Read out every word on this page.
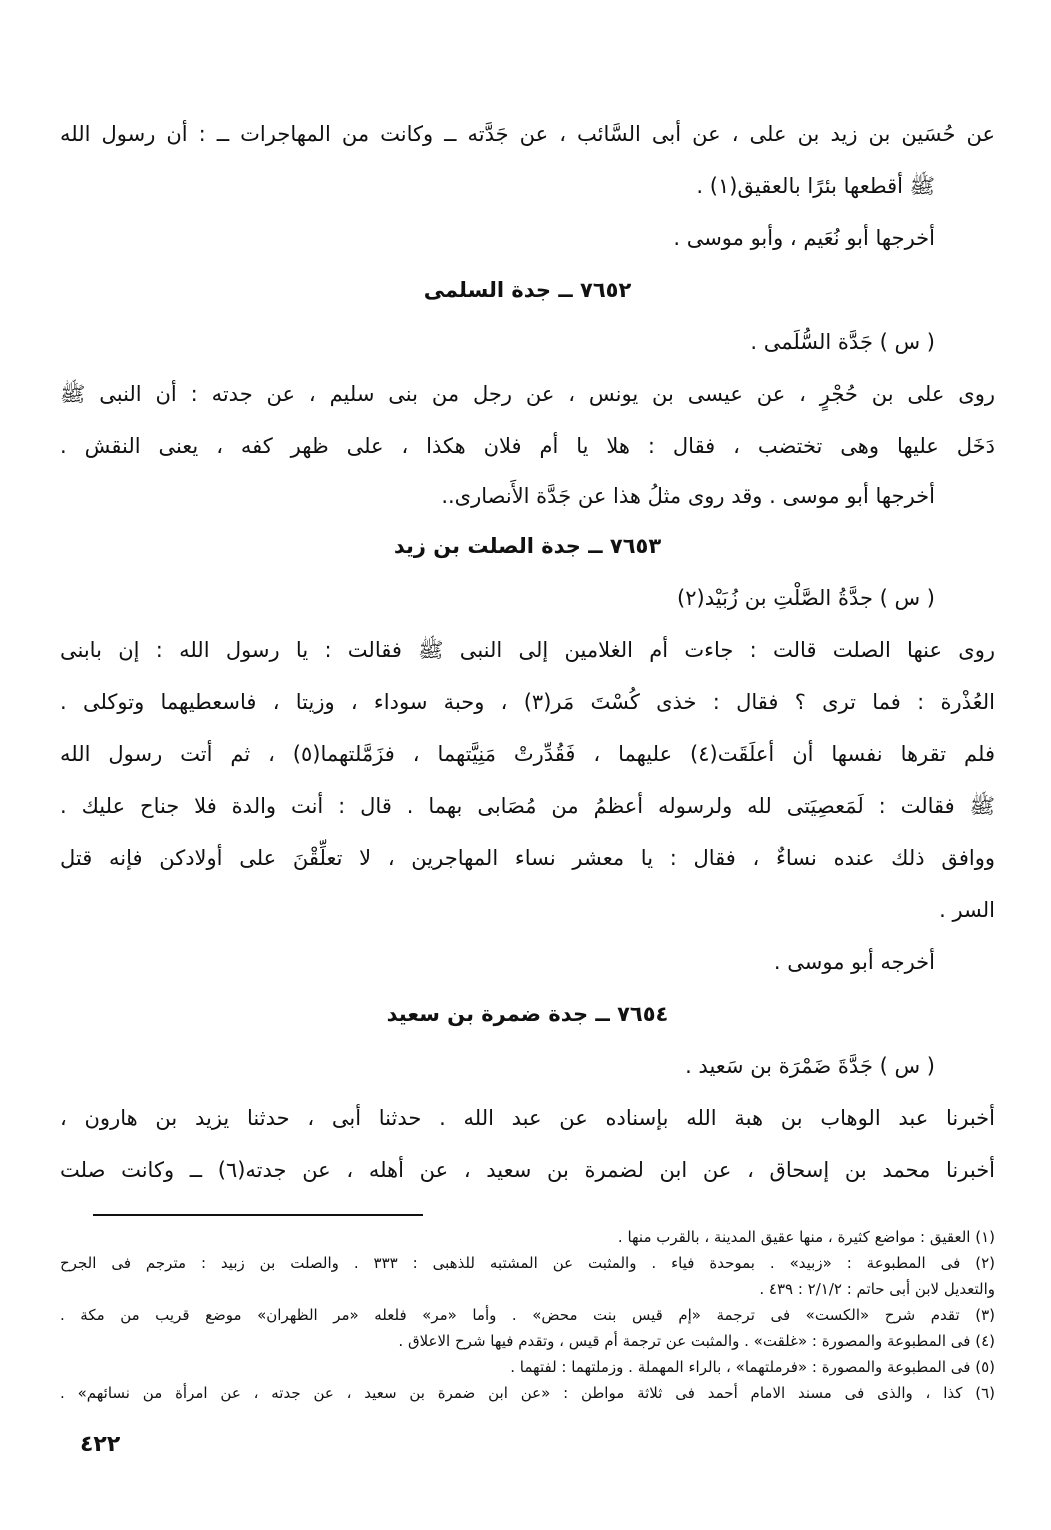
عن حُسَين بن زيد بن على ، عن أبى السَّائب ، عن جَدَّته ــ وكانت من المهاجرات ــ : أن رسول الله
ﷺ أقطعها بئرًا بالعقيق(١) .
أخرجها أبو نُعَيم ، وأبو موسى .
٧٦٥٢ ــ جدة السلمى
( س ) جَدَّة السُّلَمى .
روى على بن حُجْرٍ ، عن عيسى بن يونس ، عن رجل من بنى سليم ، عن جدته : أن النبى ﷺ
دَخَل عليها وهى تختضب ، فقال : هلا يا أم فلان هكذا ، على ظهر كفه ، يعنى النقش .
أخرجها أبو موسى . وقد روى مثلُ هذا عن جَدَّة الأَنصارى..
٧٦٥٣ ــ جدة الصلت بن زيد
( س ) جدَّةُ الصَّلْتِ بن زُبَيْد(٢)
روى عنها الصلت قالت : جاءت أم الغلامين إلى النبى ﷺ فقالت : يا رسول الله : إن بابنى
العُذْرة : فما ترى ؟ فقال : خذى كُسْتَ مَر(٣) ، وحبة سوداء ، وزيتا ، فاسعطيهما وتوكلى .
فلم تقرها نفسها أن أعلَقَت(٤) عليهما ، فَقُدِّرتْ مَنِيَّتهما ، فزَمَّلتهما(٥) ، ثم أتت رسول الله
ﷺ فقالت : لَمَعصِيَتى لله ولرسوله أعظمُ من مُصَابى بهما . قال : أنت والدة فلا جناح عليك .
ووافق ذلك عنده نساءٌ ، فقال : يا معشر نساء المهاجرين ، لا تعلِّقْنَ على أولادكن فإنه قتل
السر .
أخرجه أبو موسى .
٧٦٥٤ ــ جدة ضمرة بن سعيد
( س ) جَدَّةَ ضَمْرَة بن سَعيد .
أخبرنا عبد الوهاب بن هبة الله بإسناده عن عبد الله . حدثنا أبى ، حدثنا يزيد بن هارون ،
أخبرنا محمد بن إسحاق ، عن ابن لضمرة بن سعيد ، عن أهله ، عن جدته(٦) ــ وكانت صلت
(١) العقيق : مواضع كثيرة ، منها عقيق المدينة ، بالقرب منها .
(٢) فى المطبوعة : «زبيد» . بموحدة فياء . والمثبت عن المشتبه للذهبى : ٣٣٣ . والصلت بن زبيد : مترجم فى الجرح
والتعديل لابن أبى حاتم : ٢/١/٢ : ٤٣٩ .
(٣) تقدم شرح «الكست» فى ترجمة «إم قيس بنت محض» . وأما «مر» فلعله «مر الظهران» موضع قريب من مكة .
(٤) فى المطبوعة والمصورة : «غلقت» . والمثبت عن ترجمة أم قيس ، وتقدم فيها شرح الاعلاق .
(٥) فى المطبوعة والمصورة : «فرملتهما» ، بالراء المهملة . وزملتهما : لفتهما .
(٦) كذا ، والذى فى مسند الامام أحمد فى ثلاثة مواطن : «عن ابن ضمرة بن سعيد ، عن جدته ، عن امرأة من نسائهم» .
٤٢٢
